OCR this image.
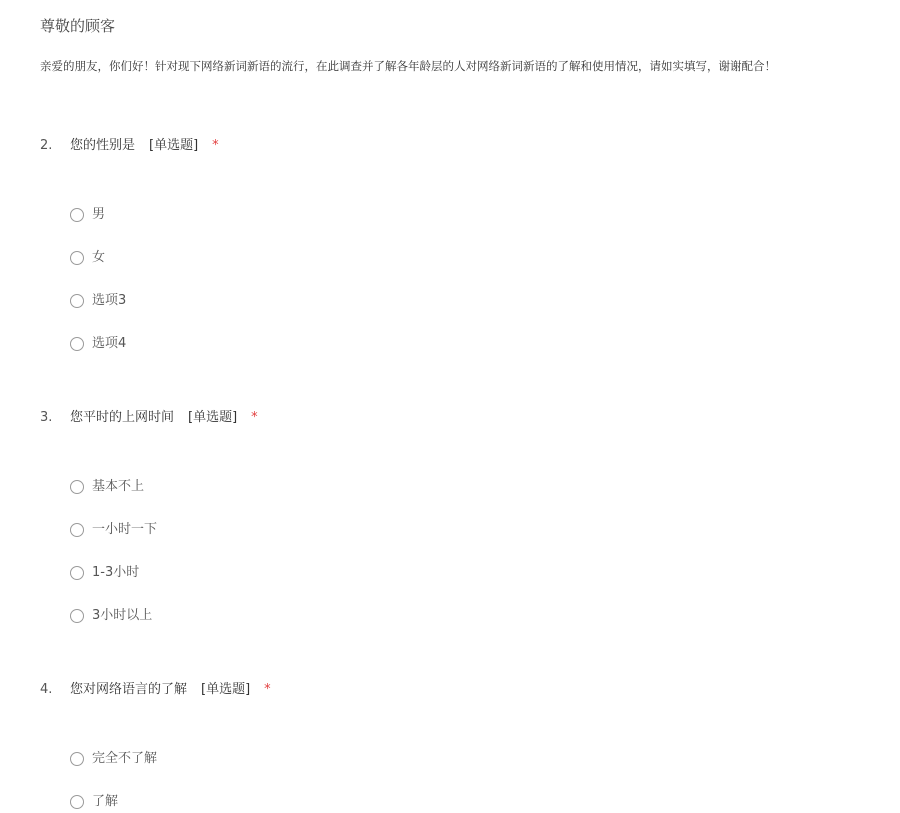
尊敬的顾客

亲爱的朋友，你们好！针对现下网络新词新语的流行，在此调查并了解各年龄层的人对网络新词新语的了解和使用情况，请如实填写，谢谢配合！

2. 您的性别是 [单选题] *
男
女
选项3
选项4
3. 您平时的上网时间 [单选题] *
基本不上
一小时一下
1-3小时
3小时以上
4. 您对网络语言的了解 [单选题] *
完全不了解
了解
